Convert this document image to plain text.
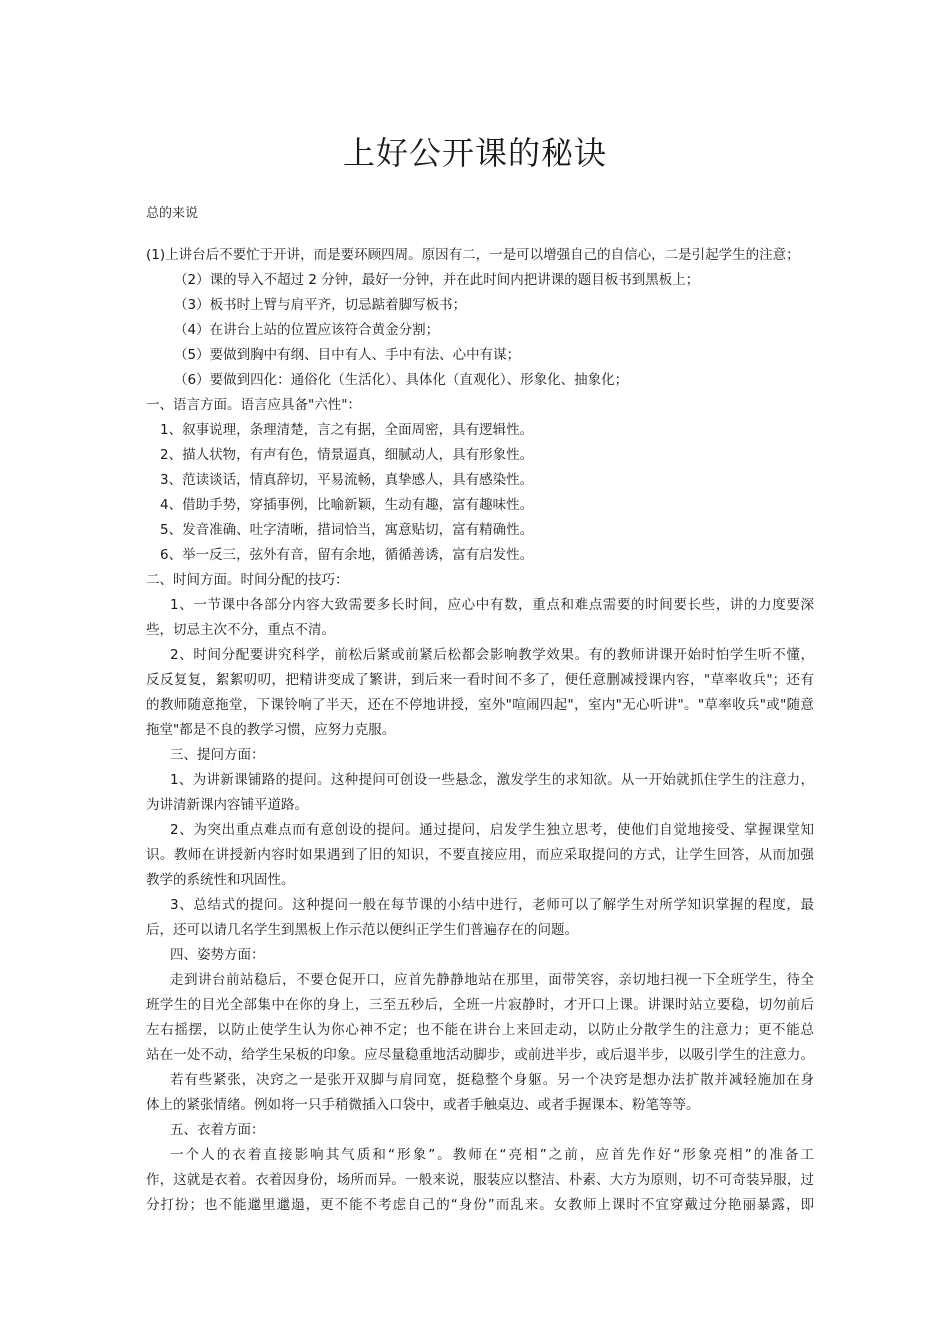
上好公开课的秘诀
总的来说
(1)上讲台后不要忙于开讲，而是要环顾四周。原因有二，一是可以增强自己的自信心，二是引起学生的注意；
（2）课的导入不超过 2 分钟，最好一分钟，并在此时间内把讲课的题目板书到黑板上；
（3）板书时上臂与肩平齐，切忌踮着脚写板书；
（4）在讲台上站的位置应该符合黄金分割；
（5）要做到胸中有纲、目中有人、手中有法、心中有谋；
（6）要做到四化：通俗化（生活化）、具体化（直观化）、形象化、抽象化；
一、语言方面。语言应具备"六性"：
1、叙事说理，条理清楚，言之有据，全面周密，具有逻辑性。
2、描人状物，有声有色，情景逼真，细腻动人，具有形象性。
3、范读谈话，情真辞切，平易流畅，真挚感人，具有感染性。
4、借助手势，穿插事例，比喻新颖，生动有趣，富有趣味性。
5、发音准确、吐字清晰，措词恰当，寓意贴切，富有精确性。
6、举一反三，弦外有音，留有余地，循循善诱，富有启发性。
二、时间方面。时间分配的技巧：
1、一节课中各部分内容大致需要多长时间，应心中有数，重点和难点需要的时间要长些，讲的力度要深
些，切忌主次不分，重点不清。
2、时间分配要讲究科学，前松后紧或前紧后松都会影响教学效果。有的教师讲课开始时怕学生听不懂，
反反复复，絮絮叨叨，把精讲变成了繁讲，到后来一看时间不多了，便任意删减授课内容，"草率收兵"；还有
的教师随意拖堂，下课铃响了半天，还在不停地讲授，室外"喧闹四起"，室内"无心听讲"。"草率收兵"或"随意
拖堂"都是不良的教学习惯，应努力克服。
三、提问方面：
1、为讲新课铺路的提问。这种提问可创设一些悬念，激发学生的求知欲。从一开始就抓住学生的注意力，
为讲清新课内容铺平道路。
2、为突出重点难点而有意创设的提问。通过提问，启发学生独立思考，使他们自觉地接受、掌握课堂知
识。教师在讲授新内容时如果遇到了旧的知识，不要直接应用，而应采取提问的方式，让学生回答，从而加强
教学的系统性和巩固性。
3、总结式的提问。这种提问一般在每节课的小结中进行，老师可以了解学生对所学知识掌握的程度，最
后，还可以请几名学生到黑板上作示范以便纠正学生们普遍存在的问题。
四、姿势方面：
走到讲台前站稳后，不要仓促开口，应首先静静地站在那里，面带笑容，亲切地扫视一下全班学生，待全
班学生的目光全部集中在你的身上，三至五秒后，全班一片寂静时，才开口上课。讲课时站立要稳，切勿前后
左右摇摆，以防止使学生认为你心神不定；也不能在讲台上来回走动，以防止分散学生的注意力；更不能总
站在一处不动，给学生呆板的印象。应尽量稳重地活动脚步，或前进半步，或后退半步，以吸引学生的注意力。
若有些紧张，决窍之一是张开双脚与肩同宽，挺稳整个身躯。另一个决窍是想办法扩散并减轻施加在身
体上的紧张情绪。例如将一只手稍微插入口袋中，或者手触桌边、或者手握课本、粉笔等等。
五、衣着方面：
一个人的衣着直接影响其气质和“形象”。教师在“亮相”之前，应首先作好“形象亮相”的准备工
作，这就是衣着。衣着因身份，场所而异。一般来说，服装应以整洁、朴素、大方为原则，切不可奇装异服，过
分打扮；也不能邋里邋遢，更不能不考虑自己的“身份”而乱来。女教师上课时不宜穿戴过分艳丽暴露，即
